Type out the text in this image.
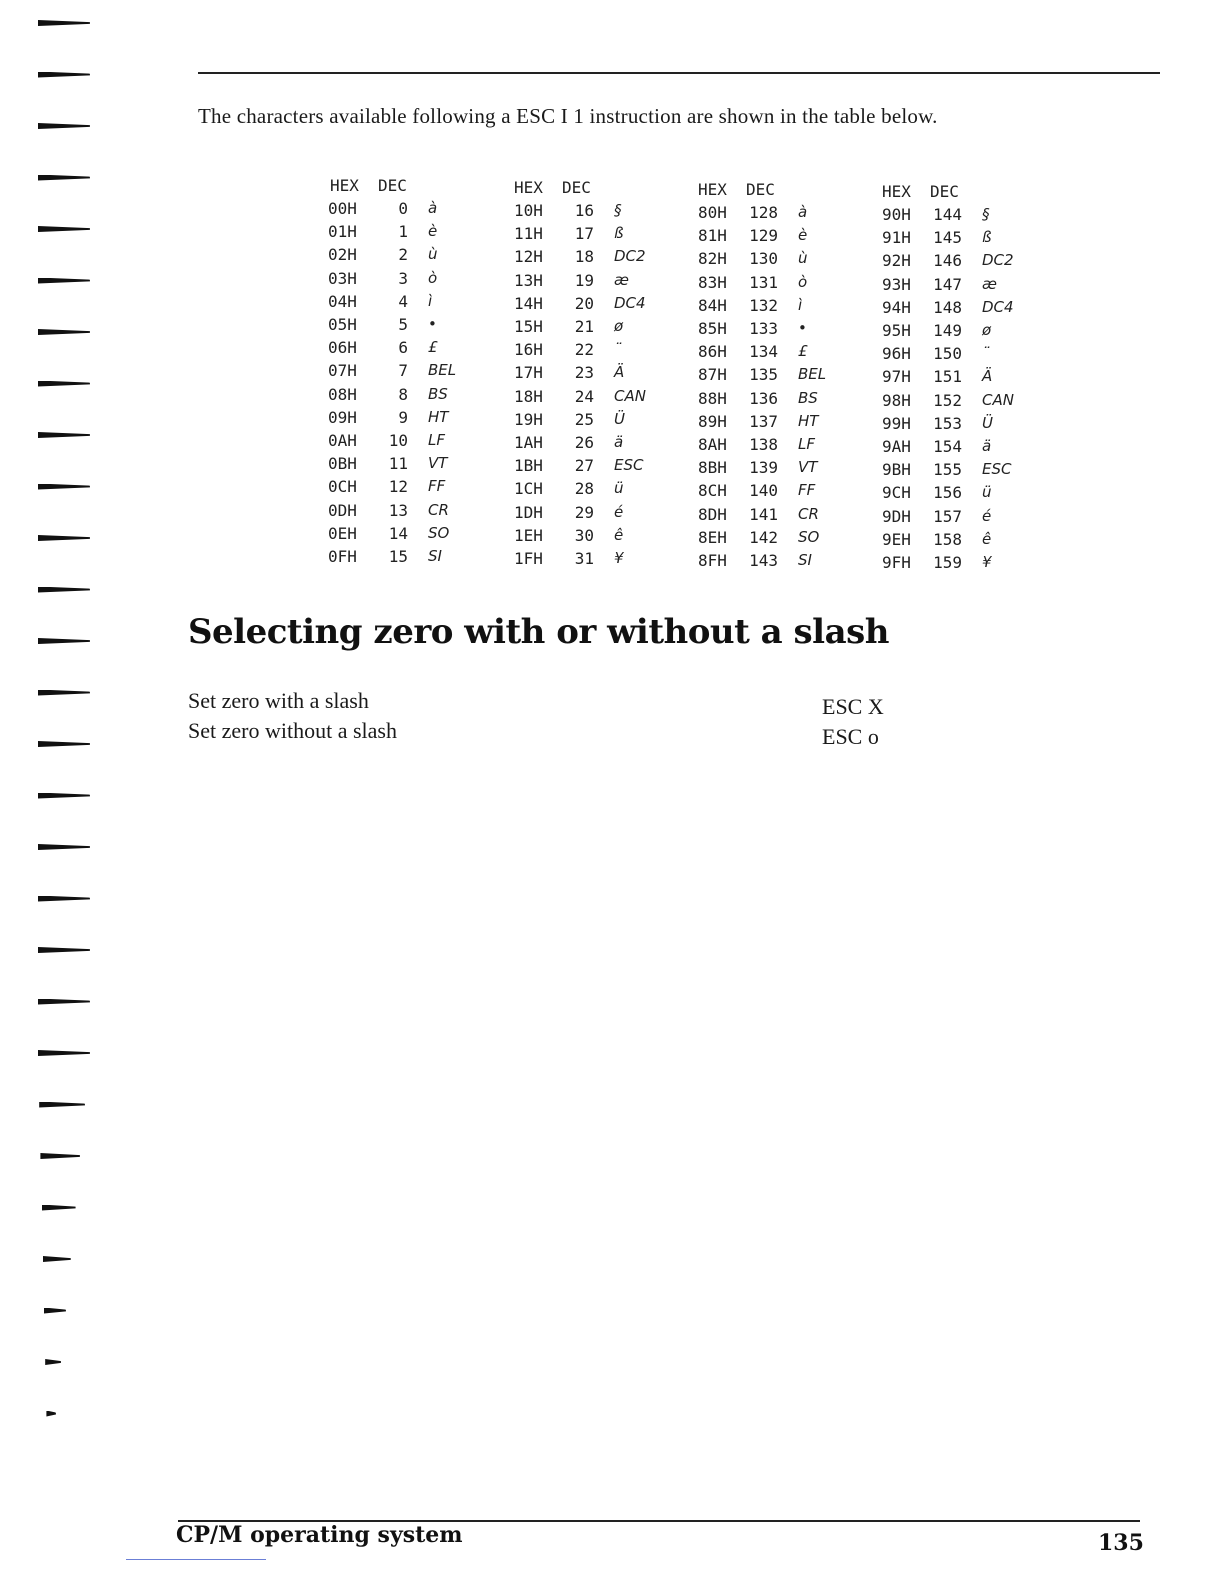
The characters available following a ESC I 1 instruction are shown in the table below.
HEX DEC
00H	0 à
01H	1 è
02H	2 ù
03H	3 ò
04H	4 ì
05H	5 •
06H	6 £
07H	7 BEL
08H	8 BS
09H	9 HT
0AH	10 LF
0BH	11 VT
0CH	12 FF
0DH	13 CR
0EH	14 SO
0FH	15 SI
HEX DEC
10H	16 §
11H	17 ß
12H	18 DC2
13H	19 æ
14H	20 DC4
15H	21 ø
16H	22 ¨
17H	23 Ä
18H	24 CAN
19H	25 Ü
1AH	26 ä
1BH	27 ESC
1CH	28 ü
1DH	29 é
1EH	30 ê
1FH	31 ¥
HEX DEC
80H	128 à
81H	129 è
82H	130 ù
83H	131 ò
84H	132 ì
85H	133 •
86H	134 £
87H	135 BEL
88H	136 BS
89H	137 HT
8AH	138 LF
8BH	139 VT
8CH	140 FF
8DH	141 CR
8EH	142 SO
8FH	143 SI
HEX DEC
90H	144 §
91H	145 ß
92H	146 DC2
93H	147 æ
94H	148 DC4
95H	149 ø
96H	150 ¨
97H	151 Ä
98H	152 CAN
99H	153 Ü
9AH	154 ä
9BH	155 ESC
9CH	156 ü
9DH	157 é
9EH	158 ê
9FH	159 ¥
Selecting zero with or without a slash
Set zero with a slash	ESC X
Set zero without a slash	ESC o
CP/M operating system	135
